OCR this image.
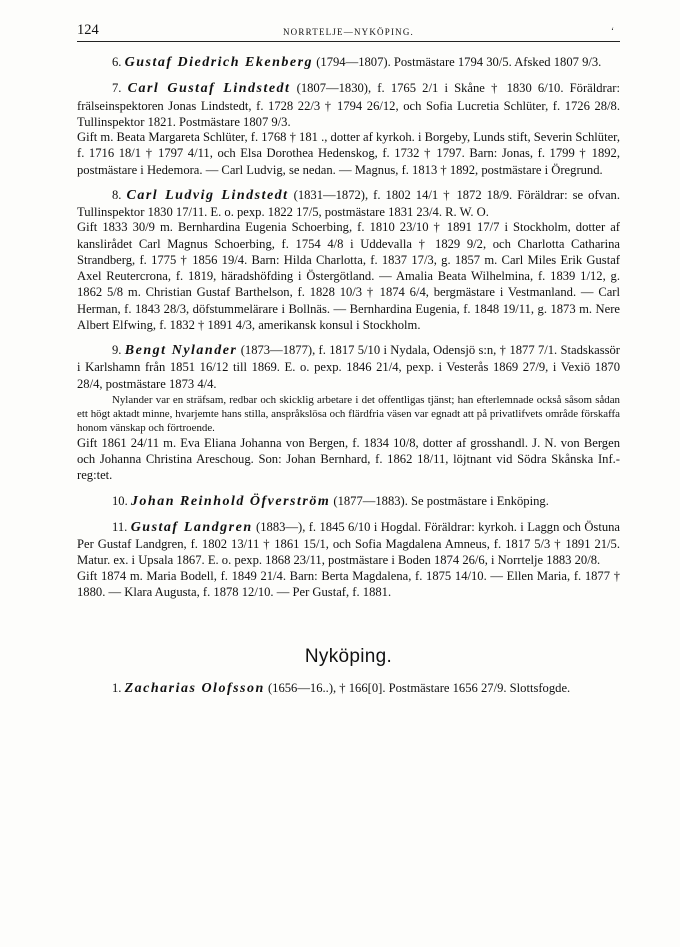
124	NORRTELJE—NYKÖPING.	‘

6. Gustaf Diedrich Ekenberg (1794—1807). Postmästare 1794 30/5. Afsked 1807 9/3.

7. Carl Gustaf Lindstedt (1807—1830), f. 1765 2/1 i Skåne † 1830 6/10. Föräldrar: frälseinspektoren Jonas Lindstedt, f. 1728 22/3 † 1794 26/12, och Sofia Lucretia Schlüter, f. 1726 28/8. Tullinspektor 1821. Postmästare 1807 9/3.

Gift m. Beata Margareta Schlüter, f. 1768 † 181 ., dotter af kyrkoh. i Borgeby, Lunds stift, Severin Schlüter, f. 1716 18/1 † 1797 4/11, och Elsa Dorothea Hedenskog, f. 1732 † 1797. Barn: Jonas, f. 1799 † 1892, postmästare i Hedemora. — Carl Ludvig, se nedan. — Magnus, f. 1813 † 1892, postmästare i Öregrund.

8. Carl Ludvig Lindstedt (1831—1872), f. 1802 14/1 † 1872 18/9. Föräldrar: se ofvan. Tullinspektor 1830 17/11. E. o. pexp. 1822 17/5, postmästare 1831 23/4. R. W. O.

Gift 1833 30/9 m. Bernhardina Eugenia Schoerbing, f. 1810 23/10 † 1891 17/7 i Stockholm, dotter af kanslirådet Carl Magnus Schoerbing, f. 1754 4/8 i Uddevalla † 1829 9/2, och Charlotta Catharina Strandberg, f. 1775 † 1856 19/4. Barn: Hilda Charlotta, f. 1837 17/3, g. 1857 m. Carl Miles Erik Gustaf Axel Reutercrona, f. 1819, häradshöfding i Östergötland. — Amalia Beata Wilhelmina, f. 1839 1/12, g. 1862 5/8 m. Christian Gustaf Barthelson, f. 1828 10/3 † 1874 6/4, bergmästare i Vestmanland. — Carl Herman, f. 1843 28/3, döfstummelärare i Bollnäs. — Bernhardina Eugenia, f. 1848 19/11, g. 1873 m. Nere Albert Elfwing, f. 1832 † 1891 4/3, amerikansk konsul i Stockholm.

9. Bengt Nylander (1873—1877), f. 1817 5/10 i Nydala, Odensjö s:n, † 1877 7/1. Stadskassör i Karlshamn från 1851 16/12 till 1869. E. o. pexp. 1846 21/4, pexp. i Vesterås 1869 27/9, i Vexiö 1870 28/4, postmästare 1873 4/4.

Nylander var en sträfsam, redbar och skicklig arbetare i det offentligas tjänst; han efterlemnade också såsom sådan ett högt aktadt minne, hvarjemte hans stilla, anspråkslösa och flärdfria väsen var egnadt att på privatlifvets område förskaffa honom vänskap och förtroende.

Gift 1861 24/11 m. Eva Eliana Johanna von Bergen, f. 1834 10/8, dotter af grosshandl. J. N. von Bergen och Johanna Christina Areschoug. Son: Johan Bernhard, f. 1862 18/11, löjtnant vid Södra Skånska Inf.-reg:tet.

10. Johan Reinhold Öfverström (1877—1883). Se postmästare i Enköping.

11. Gustaf Landgren (1883—), f. 1845 6/10 i Hogdal. Föräldrar: kyrkoh. i Laggn och Östuna Per Gustaf Landgren, f. 1802 13/11 † 1861 15/1, och Sofia Magdalena Amneus, f. 1817 5/3 † 1891 21/5. Matur. ex. i Upsala 1867. E. o. pexp. 1868 23/11, postmästare i Boden 1874 26/6, i Norrtelje 1883 20/8.

Gift 1874 m. Maria Bodell, f. 1849 21/4. Barn: Berta Magdalena, f. 1875 14/10. — Ellen Maria, f. 1877 † 1880. — Klara Augusta, f. 1878 12/10. — Per Gustaf, f. 1881.

Nyköping.

1. Zacharias Olofsson (1656—16..), † 166[0]. Postmästare 1656 27/9. Slottsfogde.
